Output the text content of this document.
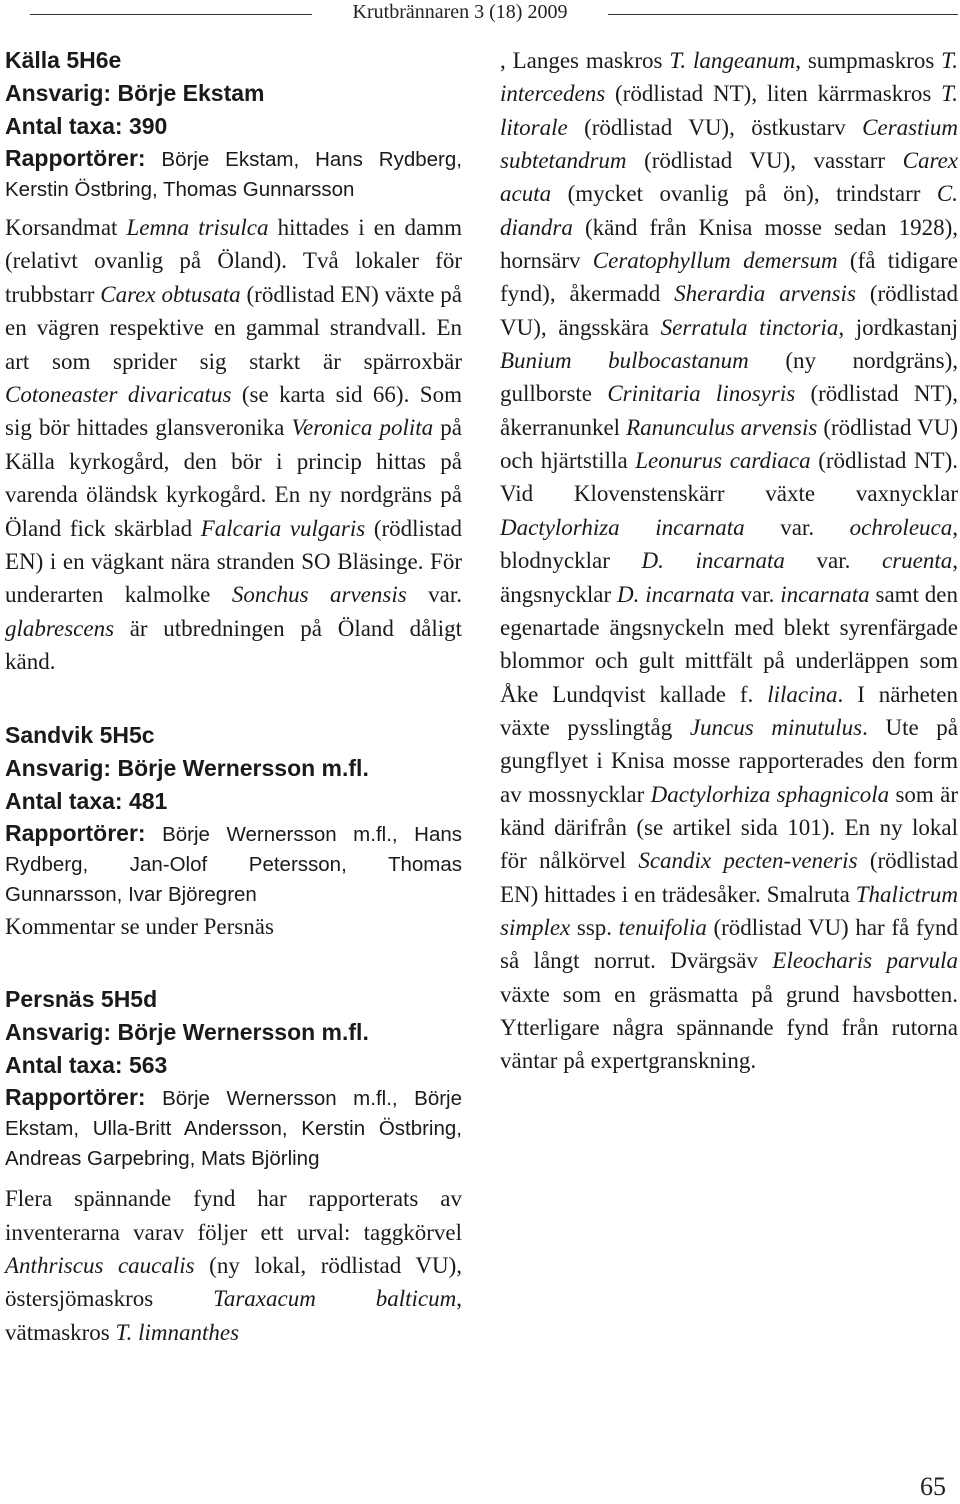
Krutbrännaren 3 (18) 2009

Källa 5H6e

Ansvarig: Börje Ekstam

Antal taxa: 390

Rapportörer: Börje Ekstam, Hans Rydberg, Kerstin Östbring, Thomas Gunnarsson

Korsandmat Lemna trisulca hittades i en damm (relativt ovanlig på Öland). Två lokaler för trubbstarr Carex obtusata (rödlistad EN) växte på en vägren respektive en gammal strandvall. En art som sprider sig starkt är spärroxbär Cotoneaster divaricatus (se karta sid 66). Som sig bör hittades glansveronika Veronica polita på Källa kyrkogård, den bör i princip hittas på varenda öländsk kyrkogård. En ny nordgräns på Öland fick skärblad Falcaria vulgaris (rödlistad EN) i en vägkant nära stranden SO Bläsinge. För underarten kalmolke Sonchus arvensis var. glabrescens är utbredningen på Öland dåligt känd.

Sandvik 5H5c

Ansvarig: Börje Wernersson m.fl.

Antal taxa: 481

Rapportörer: Börje Wernersson m.fl., Hans Rydberg, Jan-Olof Petersson, Thomas Gunnarsson, Ivar Björegren

Kommentar se under Persnäs

Persnäs 5H5d

Ansvarig: Börje Wernersson m.fl.

Antal taxa: 563

Rapportörer: Börje Wernersson m.fl., Börje Ekstam, Ulla-Britt Andersson, Kerstin Östbring, Andreas Garpebring, Mats Björling

Flera spännande fynd har rapporterats av inventerarna varav följer ett urval: taggkörvel Anthriscus caucalis (ny lokal, rödlistad VU), östersjömaskros Taraxacum balticum, vätmaskros T. limnanthes

, Langes maskros T. langeanum, sumpmaskros T. intercedens (rödlistad NT), liten kärrmaskros T. litorale (rödlistad VU), östkustarv Cerastium subtetandrum (rödlistad VU), vasstarr Carex acuta (mycket ovanlig på ön), trindstarr C. diandra (känd från Knisa mosse sedan 1928), hornsärv Ceratophyllum demersum (få tidigare fynd), åkermadd Sherardia arvensis (rödlistad VU), ängsskära Serratula tinctoria, jordkastanj Bunium bulbocastanum (ny nordgräns), gullborste Crinitaria linosyris (rödlistad NT), åkerranunkel Ranunculus arvensis (rödlistad VU) och hjärtstilla Leonurus cardiaca (rödlistad NT). Vid Klovenstenskärr växte vaxnycklar Dactylorhiza incarnata var. ochroleuca, blodnycklar D. incarnata var. cruenta, ängsnycklar D. incarnata var. incarnata samt den egenartade ängsnyckeln med blekt syrenfärgade blommor och gult mittfält på underläppen som Åke Lundqvist kallade f. lilacina. I närheten växte pysslingtåg Juncus minutulus. Ute på gungflyet i Knisa mosse rapporterades den form av mossnycklar Dactylorhiza sphagnicola som är känd därifrån (se artikel sida 101). En ny lokal för nålkörvel Scandix pecten-veneris (rödlistad EN) hittades i en trädesåker. Smalruta Thalictrum simplex ssp. tenuifolia (rödlistad VU) har få fynd så långt norrut. Dvärgsäv Eleocharis parvula växte som en gräsmatta på grund havsbotten. Ytterligare några spännande fynd från rutorna väntar på expertgranskning.

65
